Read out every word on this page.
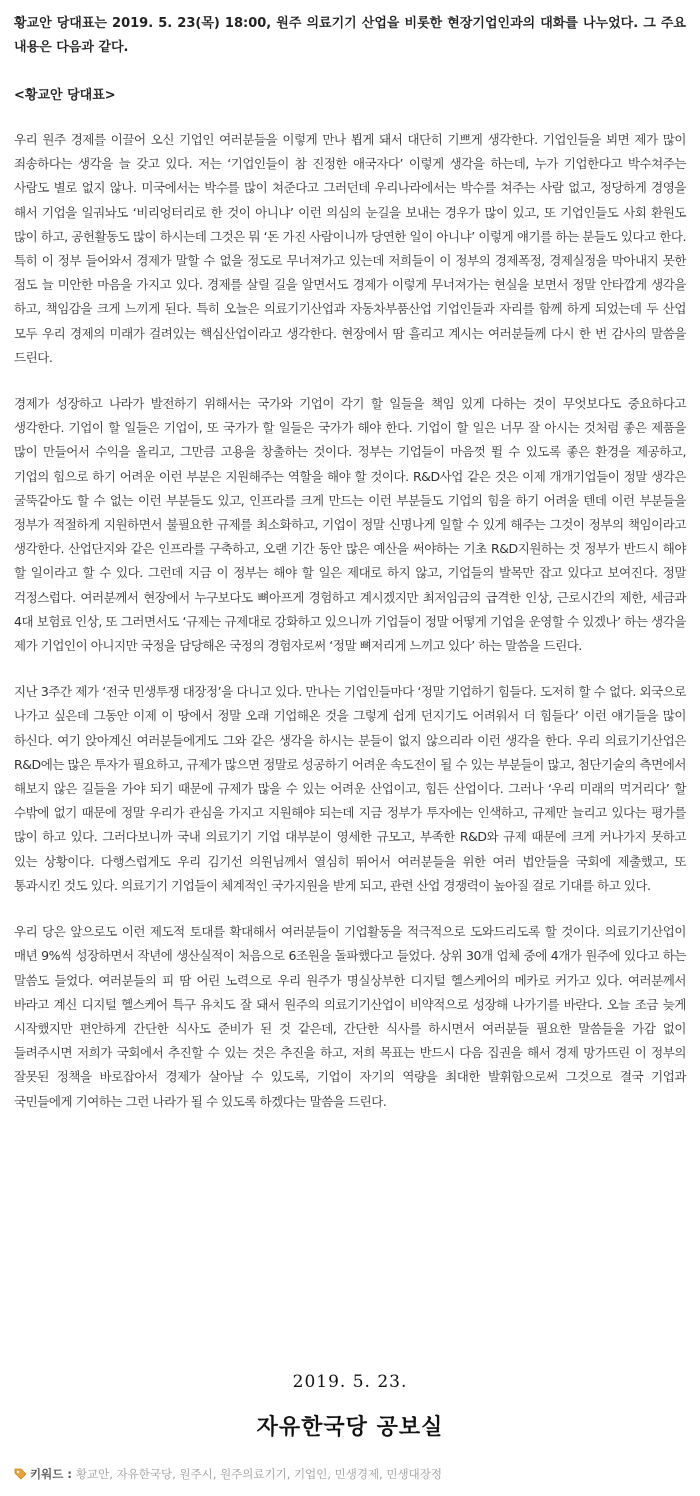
황교안 당대표는 2019. 5. 23(목) 18:00, 원주 의료기기 산업을 비롯한 현장기업인과의 대화를 나누었다. 그 주요내용은 다음과 같다.

<황교안 당대표>

우리 원주 경제를 이끌어 오신 기업인 여러분들을 이렇게 만나 뵙게 돼서 대단히 기쁘게 생각한다. 기업인들을 뵈면 제가 많이 죄송하다는 생각을 늘 갖고 있다. 저는 ‘기업인들이 참 진정한 애국자다’ 이렇게 생각을 하는데, 누가 기업한다고 박수쳐주는 사람도 별로 없지 않나. 미국에서는 박수를 많이 쳐준다고 그러던데 우리나라에서는 박수를 쳐주는 사람 없고, 정당하게 경영을 해서 기업을 일궈놔도 ‘비리엉터리로 한 것이 아니냐’ 이런 의심의 눈길을 보내는 경우가 많이 있고, 또 기업인들도 사회 환원도 많이 하고, 공헌활동도 많이 하시는데 그것은 뭐 ‘돈 가진 사람이니까 당연한 일이 아니냐’ 이렇게 얘기를 하는 분들도 있다고 한다. 특히 이 정부 들어와서 경제가 말할 수 없을 정도로 무너져가고 있는데 저희들이 이 정부의 경제폭정, 경제실정을 막아내지 못한 점도 늘 미안한 마음을 가지고 있다. 경제를 살릴 길을 알면서도 경제가 이렇게 무너져가는 현실을 보면서 정말 안타깝게 생각을 하고, 책임감을 크게 느끼게 된다. 특히 오늘은 의료기기산업과 자동차부품산업 기업인들과 자리를 함께 하게 되었는데 두 산업 모두 우리 경제의 미래가 걸려있는 핵심산업이라고 생각한다. 현장에서 땀 흘리고 계시는 여러분들께 다시 한 번 감사의 말씀을 드린다.

경제가 성장하고 나라가 발전하기 위해서는 국가와 기업이 각기 할 일들을 책임 있게 다하는 것이 무엇보다도 중요하다고 생각한다. 기업이 할 일들은 기업이, 또 국가가 할 일들은 국가가 해야 한다. 기업이 할 일은 너무 잘 아시는 것처럼 좋은 제품을 많이 만들어서 수익을 올리고, 그만큼 고용을 창출하는 것이다. 정부는 기업들이 마음껏 뛸 수 있도록 좋은 환경을 제공하고, 기업의 힘으로 하기 어려운 이런 부분은 지원해주는 역할을 해야 할 것이다. R&D사업 같은 것은 이제 개개기업들이 정말 생각은 굴뚝같아도 할 수 없는 이런 부분들도 있고, 인프라를 크게 만드는 이런 부분들도 기업의 힘을 하기 어려울 텐데 이런 부분들을 정부가 적절하게 지원하면서 불필요한 규제를 최소화하고, 기업이 정말 신명나게 일할 수 있게 해주는 그것이 정부의 책임이라고 생각한다. 산업단지와 같은 인프라를 구축하고, 오랜 기간 동안 많은 예산을 써야하는 기초 R&D지원하는 것 정부가 반드시 해야 할 일이라고 할 수 있다. 그런데 지금 이 정부는 해야 할 일은 제대로 하지 않고, 기업들의 발목만 잡고 있다고 보여진다. 정말 걱정스럽다. 여러분께서 현장에서 누구보다도 뼈아프게 경험하고 계시겠지만 최저임금의 급격한 인상, 근로시간의 제한, 세금과 4대 보험료 인상, 또 그러면서도 ‘규제는 규제대로 강화하고 있으니까 기업들이 정말 어떻게 기업을 운영할 수 있겠나’ 하는 생각을 제가 기업인이 아니지만 국정을 담당해온 국정의 경험자로써 ‘정말 뼈저리게 느끼고 있다’ 하는 말씀을 드린다.

지난 3주간 제가 ‘전국 민생투쟁 대장정’을 다니고 있다. 만나는 기업인들마다 ‘정말 기업하기 힘들다. 도저히 할 수 없다. 외국으로 나가고 싶은데 그동안 이제 이 땅에서 정말 오래 기업해온 것을 그렇게 쉽게 던지기도 어려워서 더 힘들다’ 이런 얘기들을 많이 하신다. 여기 앉아계신 여러분들에게도 그와 같은 생각을 하시는 분들이 없지 않으리라 이런 생각을 한다. 우리 의료기기산업은 R&D에는 많은 투자가 필요하고, 규제가 많으면 정말로 성공하기 어려운 속도전이 될 수 있는 부분들이 많고, 첨단기술의 측면에서 해보지 않은 길들을 가야 되기 때문에 규제가 많을 수 있는 어려운 산업이고, 힘든 산업이다. 그러나 ‘우리 미래의 먹거리다’ 할 수밖에 없기 때문에 정말 우리가 관심을 가지고 지원해야 되는데 지금 정부가 투자에는 인색하고, 규제만 늘리고 있다는 평가를 많이 하고 있다. 그러다보니까 국내 의료기기 기업 대부분이 영세한 규모고, 부족한 R&D와 규제 때문에 크게 커나가지 못하고 있는 상황이다. 다행스럽게도 우리 김기선 의원님께서 열심히 뛰어서 여러분들을 위한 여러 법안들을 국회에 제출했고, 또 통과시킨 것도 있다. 의료기기 기업들이 체계적인 국가지원을 받게 되고, 관련 산업 경쟁력이 높아질 걸로 기대를 하고 있다.

우리 당은 앞으로도 이런 제도적 토대를 확대해서 여러분들이 기업활동을 적극적으로 도와드리도록 할 것이다. 의료기기산업이 매년 9%씩 성장하면서 작년에 생산실적이 처음으로 6조원을 돌파했다고 들었다. 상위 30개 업체 중에 4개가 원주에 있다고 하는 말씀도 들었다. 여러분들의 피 땀 어린 노력으로 우리 원주가 명실상부한 디지털 헬스케어의 메카로 커가고 있다. 여러분께서 바라고 계신 디지털 헬스케어 특구 유치도 잘 돼서 원주의 의료기기산업이 비약적으로 성장해 나가기를 바란다. 오늘 조금 늦게 시작했지만 편안하게 간단한 식사도 준비가 된 것 같은데, 간단한 식사를 하시면서 여러분들 필요한 말씀들을 가감 없이 들려주시면 저희가 국회에서 추진할 수 있는 것은 추진을 하고, 저희 목표는 반드시 다음 집권을 해서 경제 망가뜨린 이 정부의 잘못된 정책을 바로잡아서 경제가 살아날 수 있도록, 기업이 자기의 역량을 최대한 발휘함으로써 그것으로 결국 기업과 국민들에게 기여하는 그런 나라가 될 수 있도록 하겠다는 말씀을 드린다.

2019. 5. 23.
자유한국당 공보실
키워드 : 황교안, 자유한국당, 원주시, 원주의료기기, 기업인, 민생경제, 민생대장정
